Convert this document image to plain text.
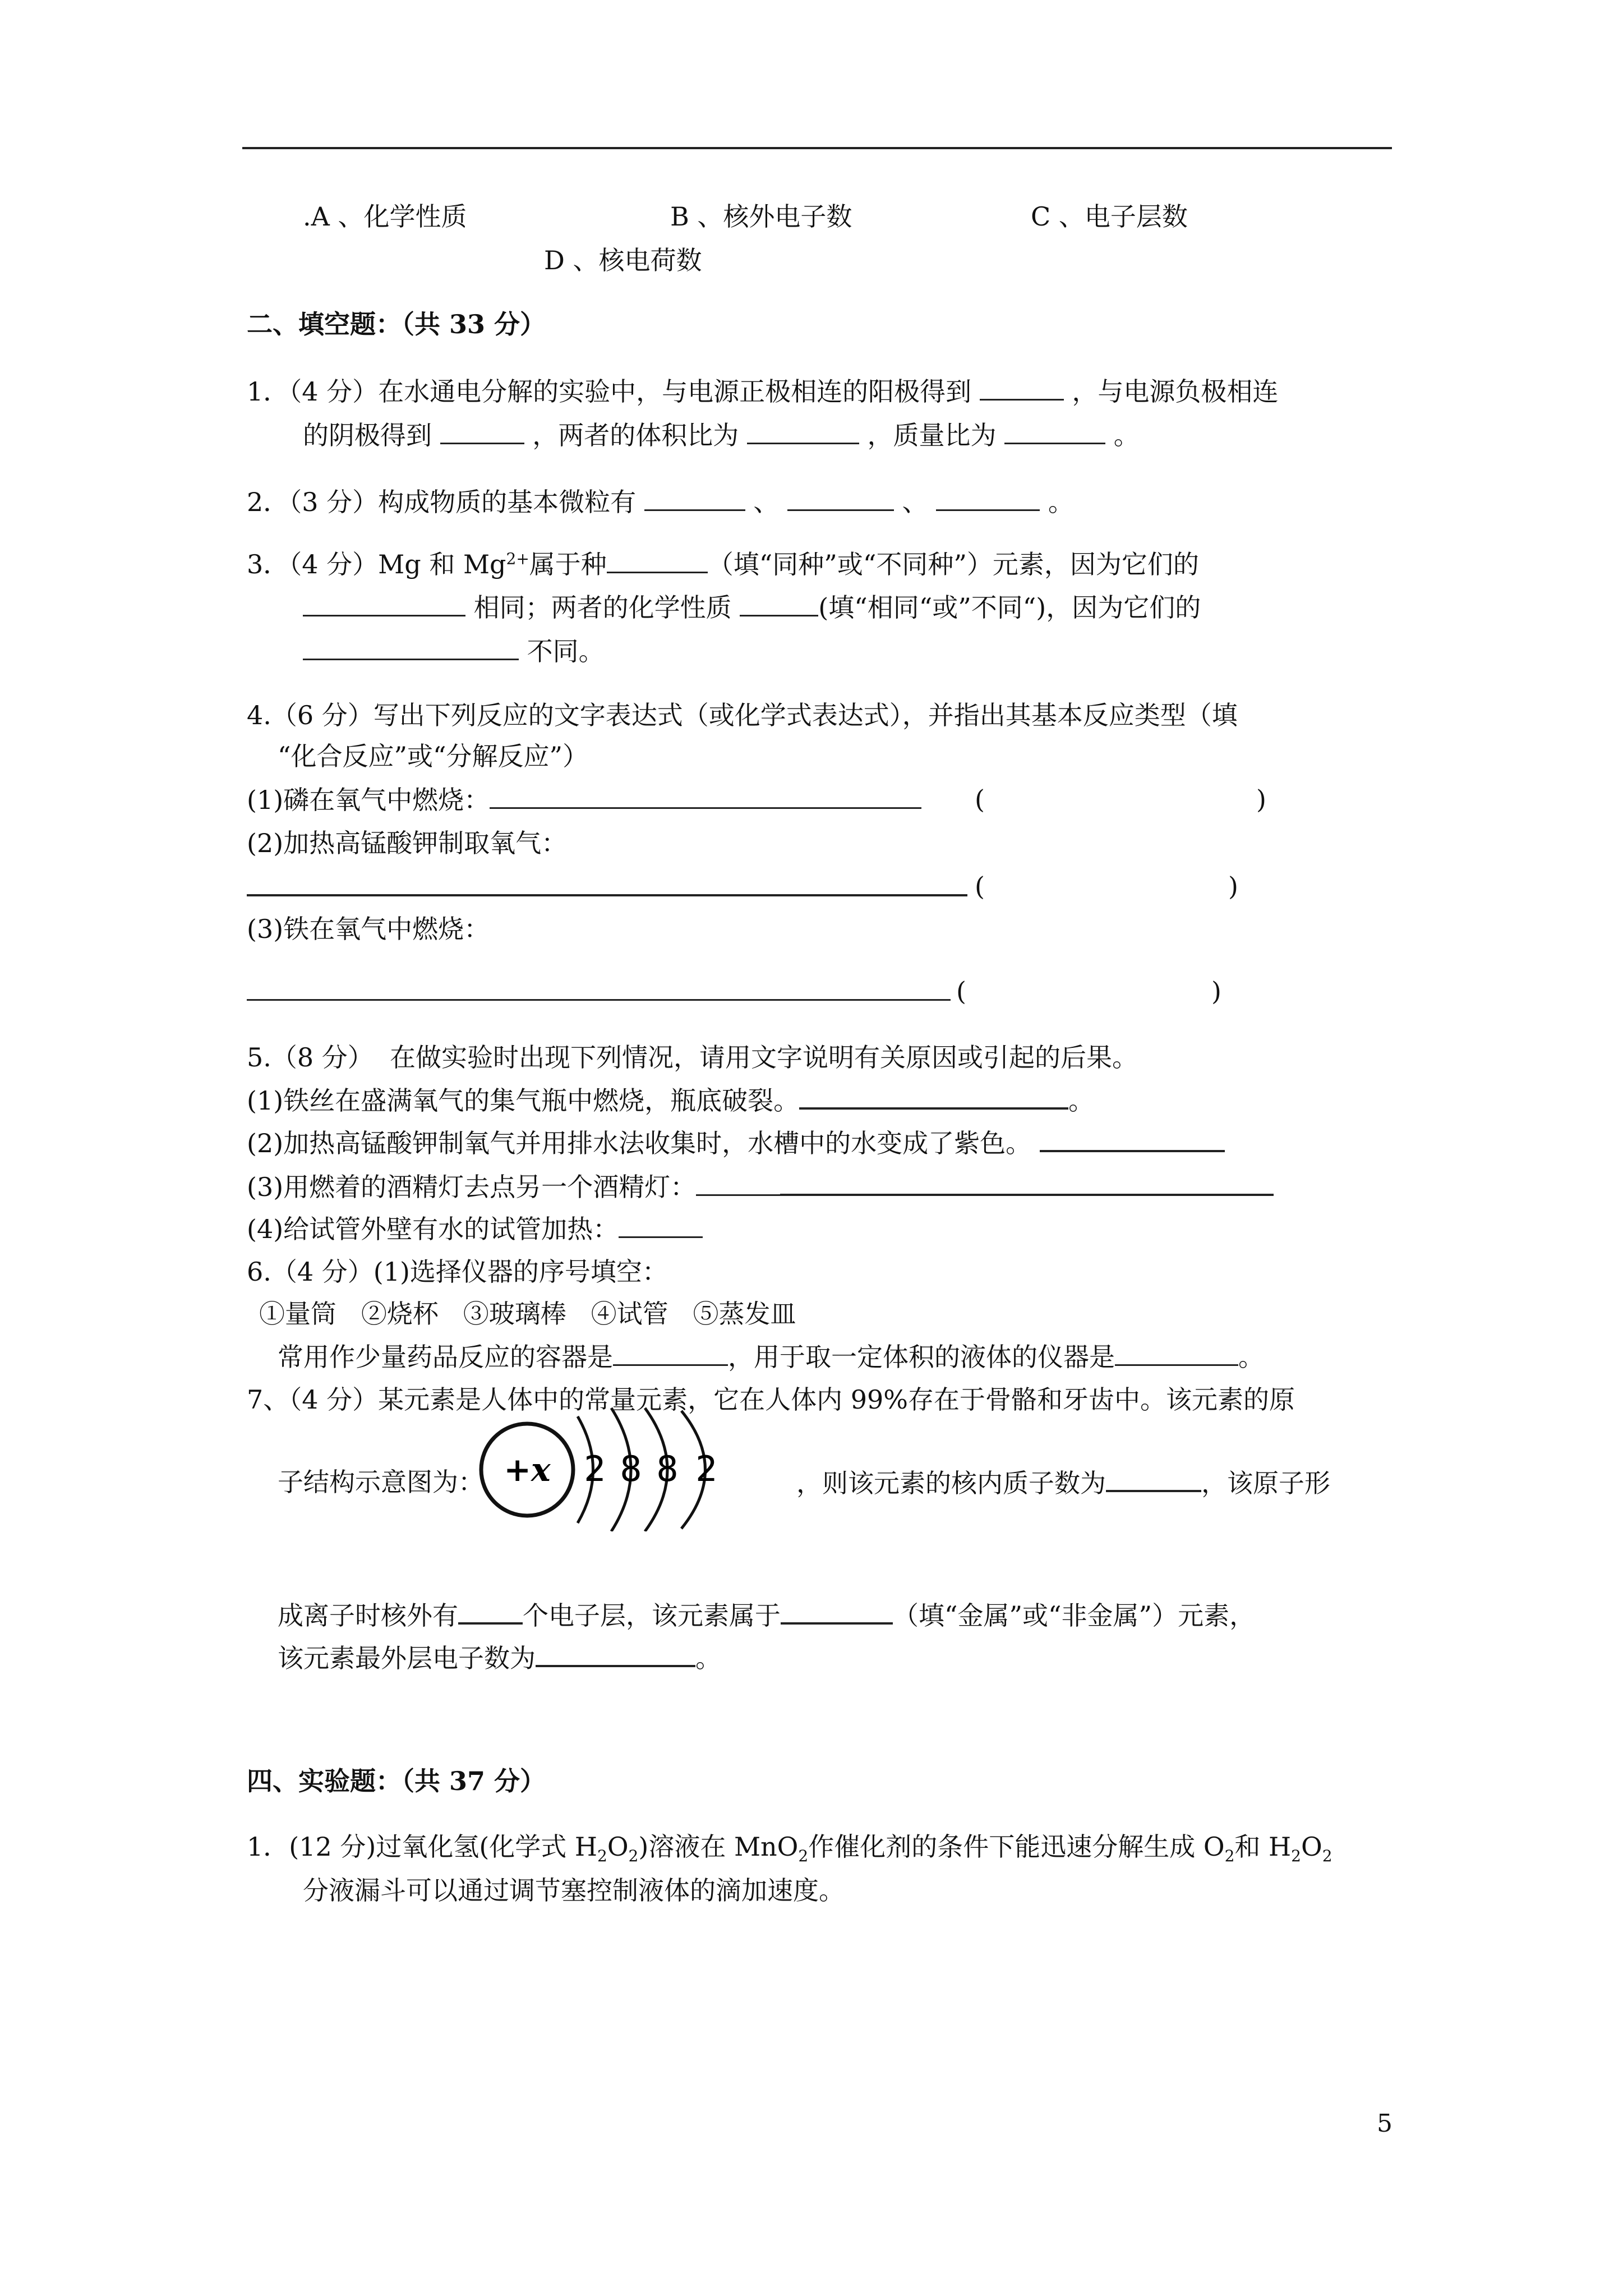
.A 、化学性质	B 、核外电子数	C 、电子层数
D 、核电荷数
二、填空题：（共 33 分）
1．（4 分）在水通电分解的实验中，与电源正极相连的阳极得到	，与电源负极相连
的阴极得到	，两者的体积比为	，质量比为	。
2．（3 分）构成物质的基本微粒有	、	、	。
3．（4 分）Mg 和 $Mg^{2+}$属于种	（填“同种”或“不同种”）元素，因为它们的
相同；两者的化学性质	(填“相同“或”不同“)，因为它们的
不同。
4.（6 分）写出下列反应的文字表达式（或化学式表达式），并指出其基本反应类型（填
“化合反应”或“分解反应”）
(1)磷在氧气中燃烧：	(	)
(2)加热高锰酸钾制取氧气：
(	)
(3)铁在氧气中燃烧：
(	)
5.（8 分）  在做实验时出现下列情况，请用文字说明有关原因或引起的后果。
(1)铁丝在盛满氧气的集气瓶中燃烧，瓶底破裂。	。
(2)加热高锰酸钾制氧气并用排水法收集时，水槽中的水变成了紫色。
(3)用燃着的酒精灯去点另一个酒精灯：
(4)给试管外壁有水的试管加热：
6.（4 分）(1)选择仪器的序号填空：
①量筒   ②烧杯   ③玻璃棒   ④试管   ⑤蒸发皿
常用作少量药品反应的容器是	，用于取一定体积的液体的仪器是	。
7、（4 分）某元素是人体中的常量元素，它在人体内 99%存在于骨骼和牙齿中。该元素的原
子结构示意图为： +x 2 8 8 2	，则该元素的核内质子数为	，该原子形
成离子时核外有	个电子层，该元素属于	（填“金属”或“非金属”）元素，
该元素最外层电子数为	。
四、实验题：（共 37 分）
1．(12 分)过氧化氢(化学式 $H_2O_2$)溶液在 MnO$_2$作催化剂的条件下能迅速分解生成 $O_2$和 $H_2O_2$
分液漏斗可以通过调节塞控制液体的滴加速度。
5
